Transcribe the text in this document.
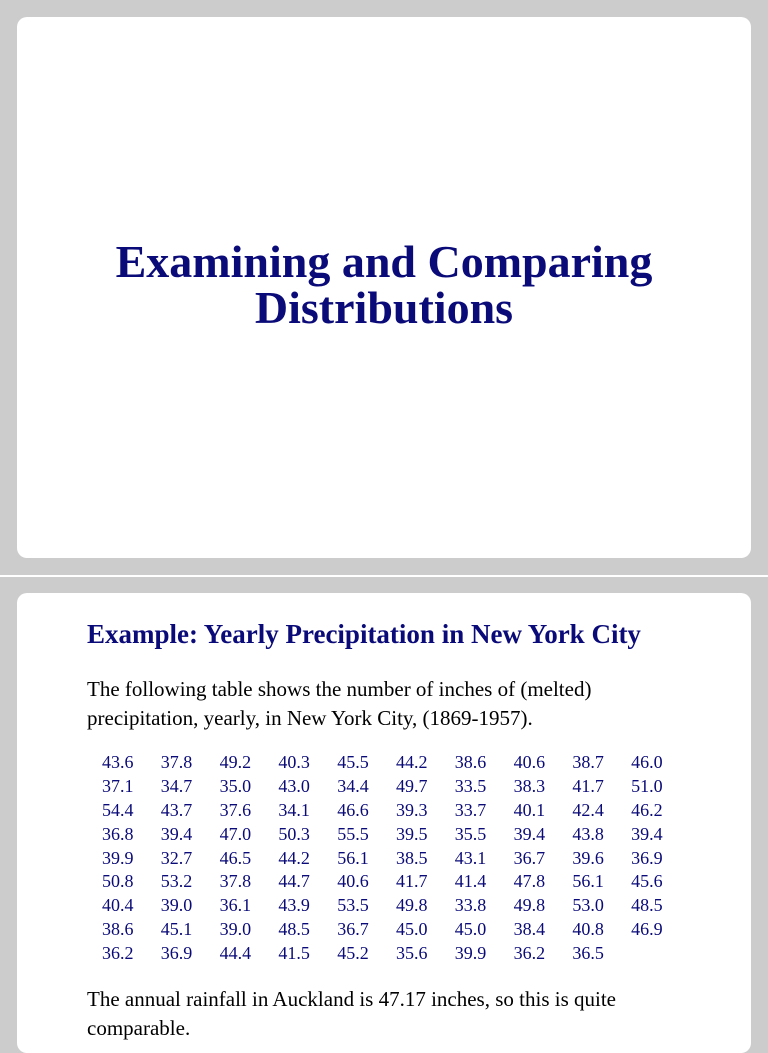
Examining and Comparing
Distributions
Example: Yearly Precipitation in New York City

The following table shows the number of inches of (melted) precipitation, yearly, in New York City, (1869-1957).

43.6	37.8	49.2	40.3	45.5	44.2	38.6	40.6	38.7	46.0
37.1	34.7	35.0	43.0	34.4	49.7	33.5	38.3	41.7	51.0
54.4	43.7	37.6	34.1	46.6	39.3	33.7	40.1	42.4	46.2
36.8	39.4	47.0	50.3	55.5	39.5	35.5	39.4	43.8	39.4
39.9	32.7	46.5	44.2	56.1	38.5	43.1	36.7	39.6	36.9
50.8	53.2	37.8	44.7	40.6	41.7	41.4	47.8	56.1	45.6
40.4	39.0	36.1	43.9	53.5	49.8	33.8	49.8	53.0	48.5
38.6	45.1	39.0	48.5	36.7	45.0	45.0	38.4	40.8	46.9
36.2	36.9	44.4	41.5	45.2	35.6	39.9	36.2	36.5

The annual rainfall in Auckland is 47.17 inches, so this is quite comparable.
